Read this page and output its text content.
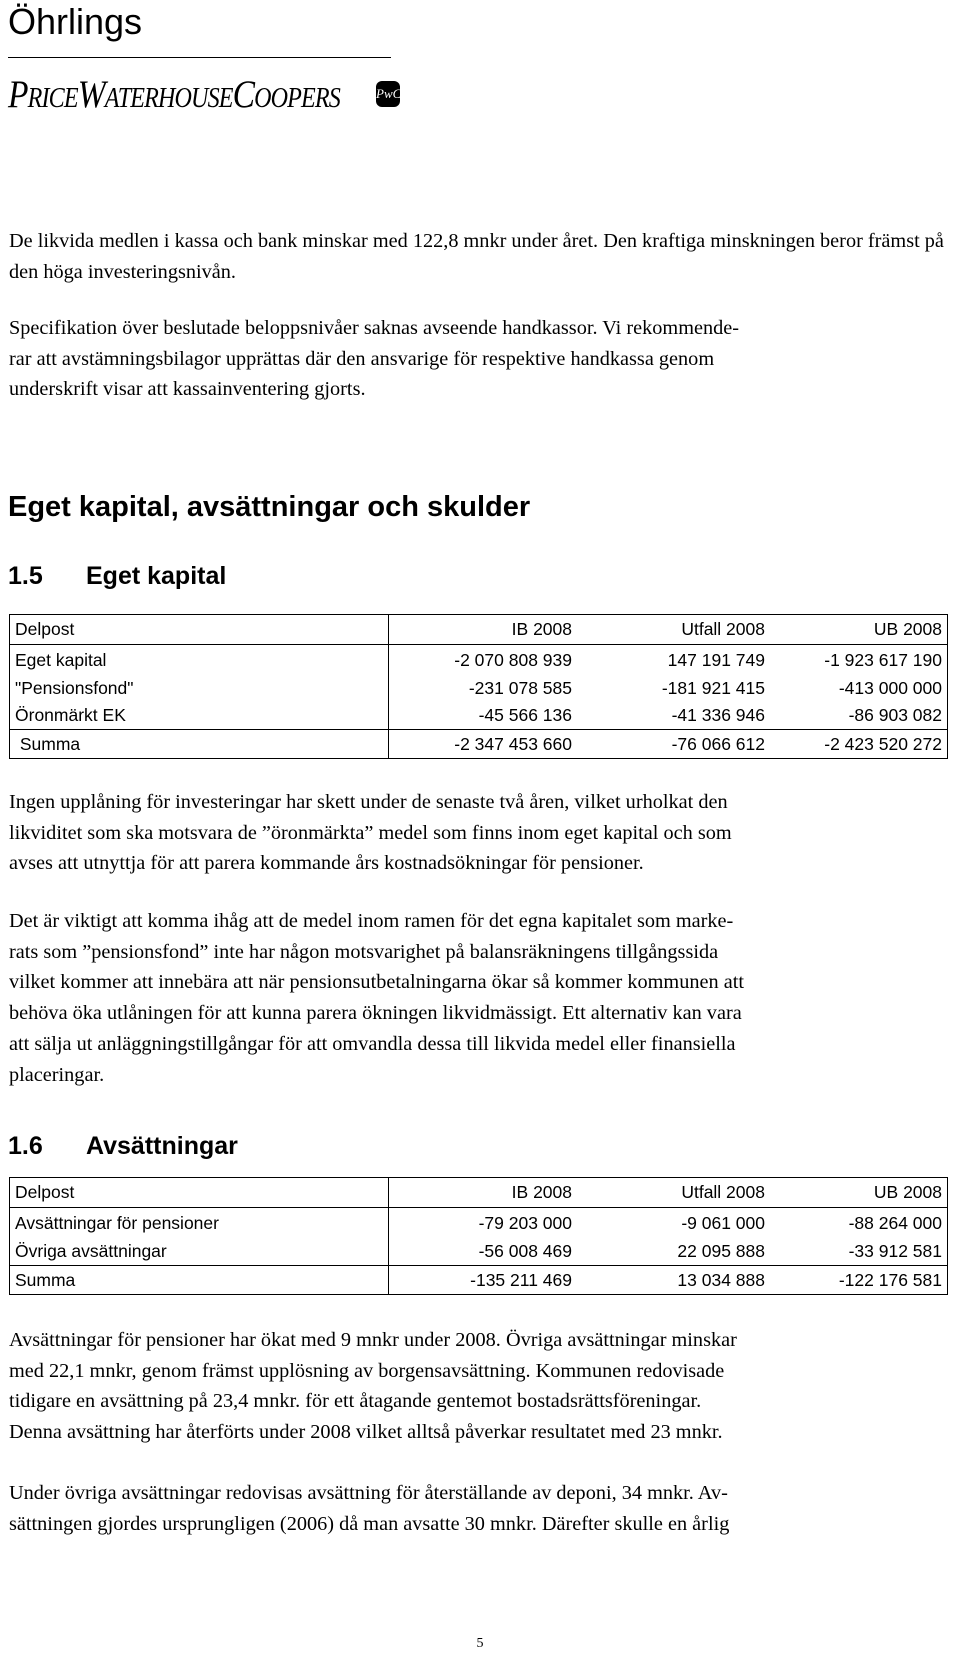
Öhrlings
PRICEWATERHOUSECOOPERS	PwC

De likvida medlen i kassa och bank minskar med 122,8 mnkr under året. Den kraftiga minskningen beror främst på den höga investeringsnivån.

Specifikation över beslutade beloppsnivåer saknas avseende handkassor. Vi rekommende-
rar att avstämningsbilagor upprättas där den ansvarige för respektive handkassa genom
underskrift visar att kassainventering gjorts.
Eget kapital, avsättningar och skulder
1.5 Eget kapital
Delpost	IB 2008	Utfall 2008	UB 2008
Eget kapital	-2 070 808 939	147 191 749	-1 923 617 190
"Pensionsfond"	-231 078 585	-181 921 415	-413 000 000
Öronmärkt EK	-45 566 136	-41 336 946	-86 903 082
Summa	-2 347 453 660	-76 066 612	-2 423 520 272
Ingen upplåning för investeringar har skett under de senaste två åren, vilket urholkat den
likviditet som ska motsvara de ”öronmärkta” medel som finns inom eget kapital och som
avses att utnyttja för att parera kommande års kostnadsökningar för pensioner.
Det är viktigt att komma ihåg att de medel inom ramen för det egna kapitalet som marke-
rats som ”pensionsfond” inte har någon motsvarighet på balansräkningens tillgångssida
vilket kommer att innebära att när pensionsutbetalningarna ökar så kommer kommunen att
behöva öka utlåningen för att kunna parera ökningen likvidmässigt. Ett alternativ kan vara
att sälja ut anläggningstillgångar för att omvandla dessa till likvida medel eller finansiella
placeringar.
1.6 Avsättningar
Delpost	IB 2008	Utfall 2008	UB 2008
Avsättningar för pensioner	-79 203 000	-9 061 000	-88 264 000
Övriga avsättningar	-56 008 469	22 095 888	-33 912 581
Summa	-135 211 469	13 034 888	-122 176 581
Avsättningar för pensioner har ökat med 9 mnkr under 2008. Övriga avsättningar minskar
med 22,1 mnkr, genom främst upplösning av borgensavsättning. Kommunen redovisade
tidigare en avsättning på 23,4 mnkr. för ett åtagande gentemot bostadsrättsföreningar.
Denna avsättning har återförts under 2008 vilket alltså påverkar resultatet med 23 mnkr.
Under övriga avsättningar redovisas avsättning för återställande av deponi, 34 mnkr. Av-
sättningen gjordes ursprungligen (2006) då man avsatte 30 mnkr. Därefter skulle en årlig
5
